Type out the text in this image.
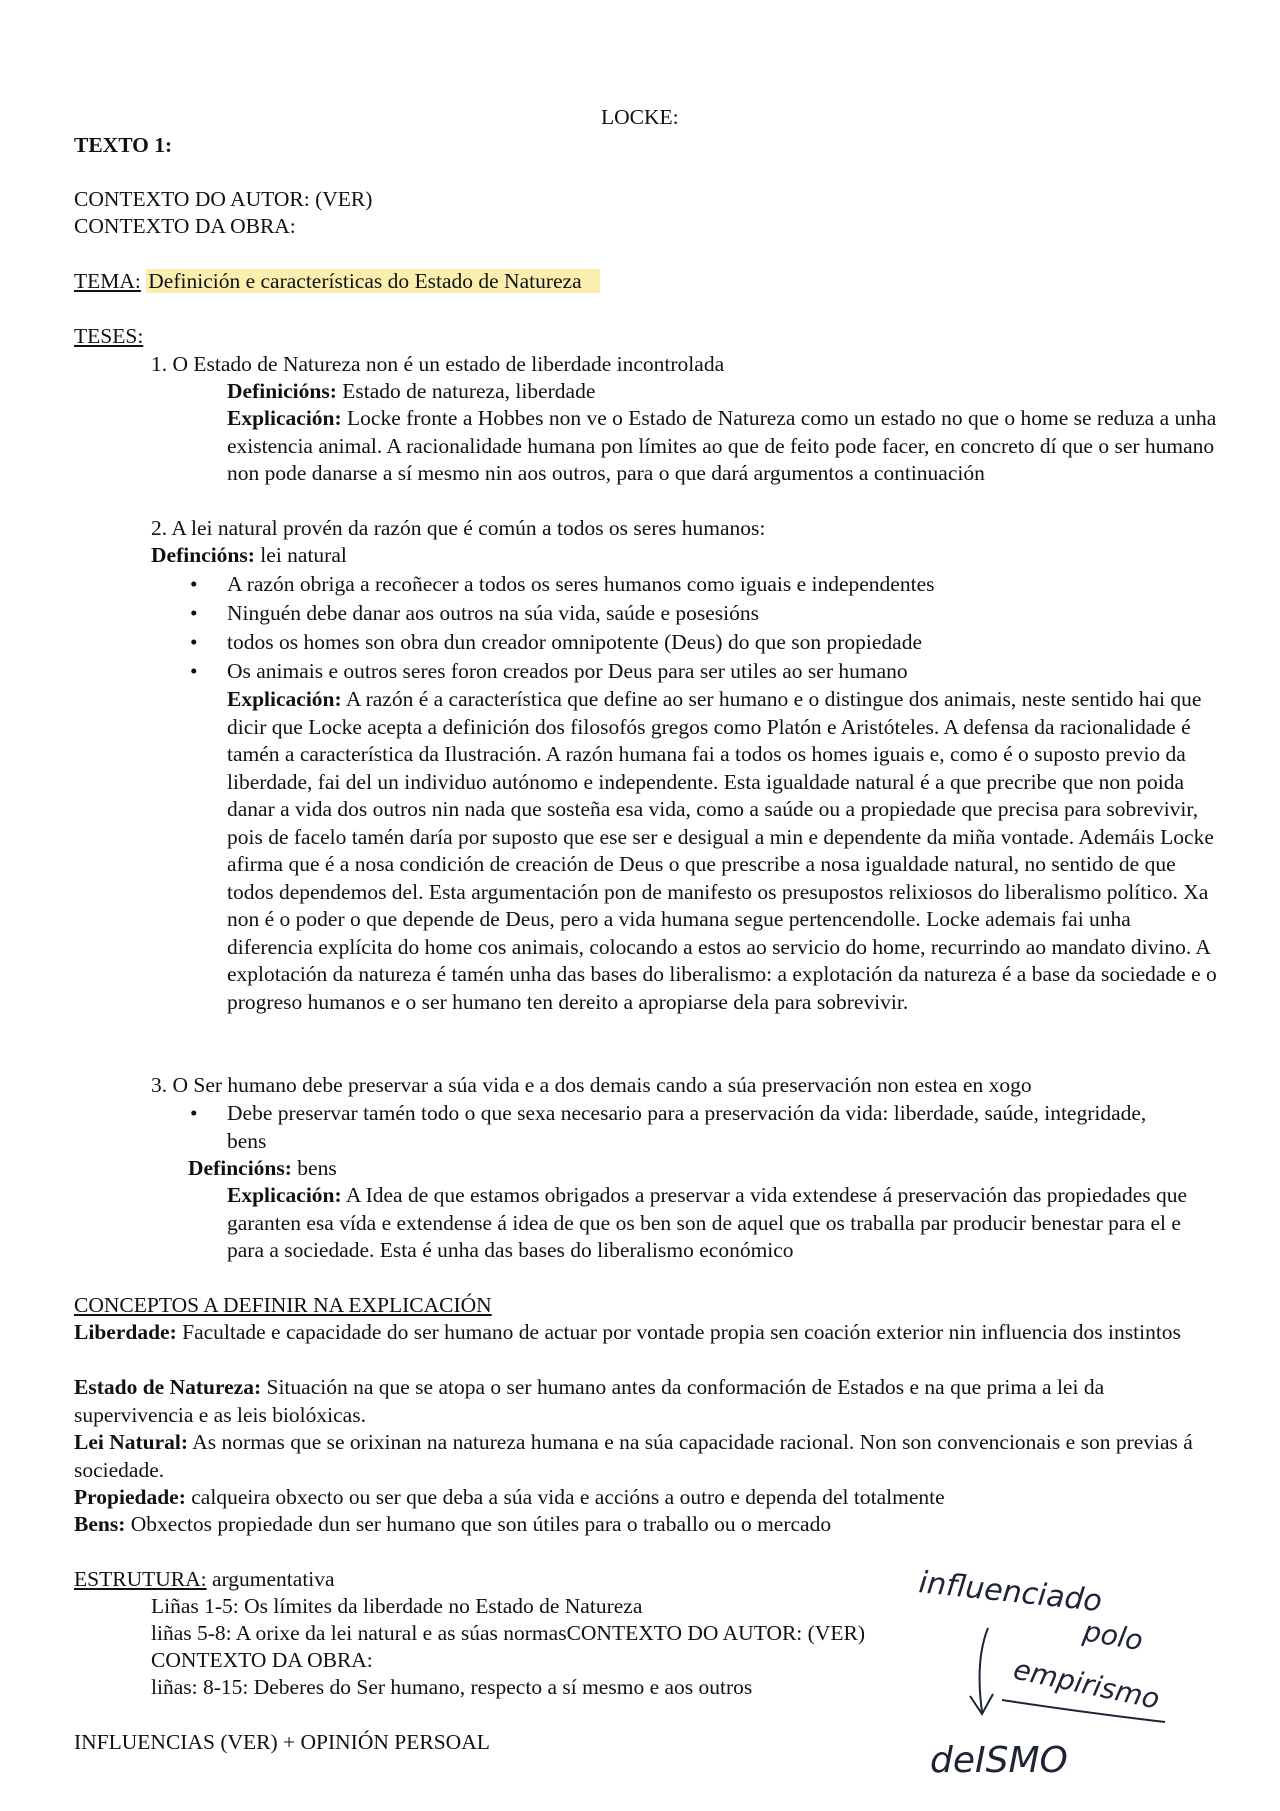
LOCKE:
TEXTO 1:
CONTEXTO DO AUTOR: (VER)
CONTEXTO DA OBRA:
TEMA: Definición e características do Estado de Natureza
TESES:
1. O Estado de Natureza non é un estado de liberdade incontrolada
Definicións: Estado de natureza, liberdade
Explicación: Locke fronte a Hobbes non ve o Estado de Natureza como un estado no que o home se reduza a unha existencia animal. A racionalidade humana pon límites ao que de feito pode facer, en concreto dí que o ser humano non pode danarse a sí mesmo nin aos outros, para o que dará argumentos a continuación
2. A lei natural provén da razón que é común a todos os seres humanos:
Defincións: lei natural
• A razón obriga a recoñecer a todos os seres humanos como iguais e independentes
• Ninguén debe danar aos outros na súa vida, saúde e posesións
• todos os homes son obra dun creador omnipotente (Deus) do que son propiedade
• Os animais e outros seres foron creados por Deus para ser utiles ao ser humano
Explicación: A razón é a característica que define ao ser humano e o distingue dos animais, neste sentido hai que dicir que Locke acepta a definición dos filosofós gregos como Platón e Aristóteles. A defensa da racionalidade é tamén a característica da Ilustración. A razón humana fai a todos os homes iguais e, como é o suposto previo da liberdade, fai del un individuo autónomo e independente. Esta igualdade natural é a que precribe que non poida danar a vida dos outros nin nada que sosteña esa vida, como a saúde ou a propiedade que precisa para sobrevivir, pois de facelo tamén daría por suposto que ese ser e desigual a min e dependente da miña vontade. Ademáis Locke afirma que é a nosa condición de creación de Deus o que prescribe a nosa igualdade natural, no sentido de que todos dependemos del. Esta argumentación pon de manifesto os presupostos relixiosos do liberalismo político. Xa non é o poder o que depende de Deus, pero a vida humana segue pertencendolle. Locke ademais fai unha diferencia explícita do home cos animais, colocando a estos ao servicio do home, recurrindo ao mandato divino. A explotación da natureza é tamén unha das bases do liberalismo: a explotación da natureza é a base da sociedade e o progreso humanos e o ser humano ten dereito a apropiarse dela para sobrevivir.
3. O Ser humano debe preservar a súa vida e a dos demais cando a súa preservación non estea en xogo
• Debe preservar tamén todo o que sexa necesario para a preservación da vida: liberdade, saúde, integridade, bens
Defincións: bens
Explicación: A Idea de que estamos obrigados a preservar a vida extendese á preservación das propiedades que garanten esa vída e extendense á idea de que os ben son de aquel que os traballa par producir benestar para el e para a sociedade. Esta é unha das bases do liberalismo económico
CONCEPTOS A DEFINIR NA EXPLICACIÓN
Liberdade: Facultade e capacidade do ser humano de actuar por vontade propia sen coación exterior nin influencia dos instintos
Estado de Natureza: Situación na que se atopa o ser humano antes da conformación de Estados e na que prima a lei da supervivencia e as leis biolóxicas.
Lei Natural: As normas que se orixinan na natureza humana e na súa capacidade racional. Non son convencionais e son previas á sociedade.
Propiedade: calqueira obxecto ou ser que deba a súa vida e accións a outro e dependa del totalmente
Bens: Obxectos propiedade dun ser humano que son útiles para o traballo ou o mercado
ESTRUTURA: argumentativa
Liñas 1-5: Os límites da liberdade no Estado de Natureza
liñas 5-8: A orixe da lei natural e as súas normasCONTEXTO DO AUTOR: (VER)
CONTEXTO DA OBRA:
liñas: 8-15: Deberes do Ser humano, respecto a sí mesmo e aos outros
INFLUENCIAS (VER) + OPINIÓN PERSOAL
influenciado
polo
empirismo
deISMO
